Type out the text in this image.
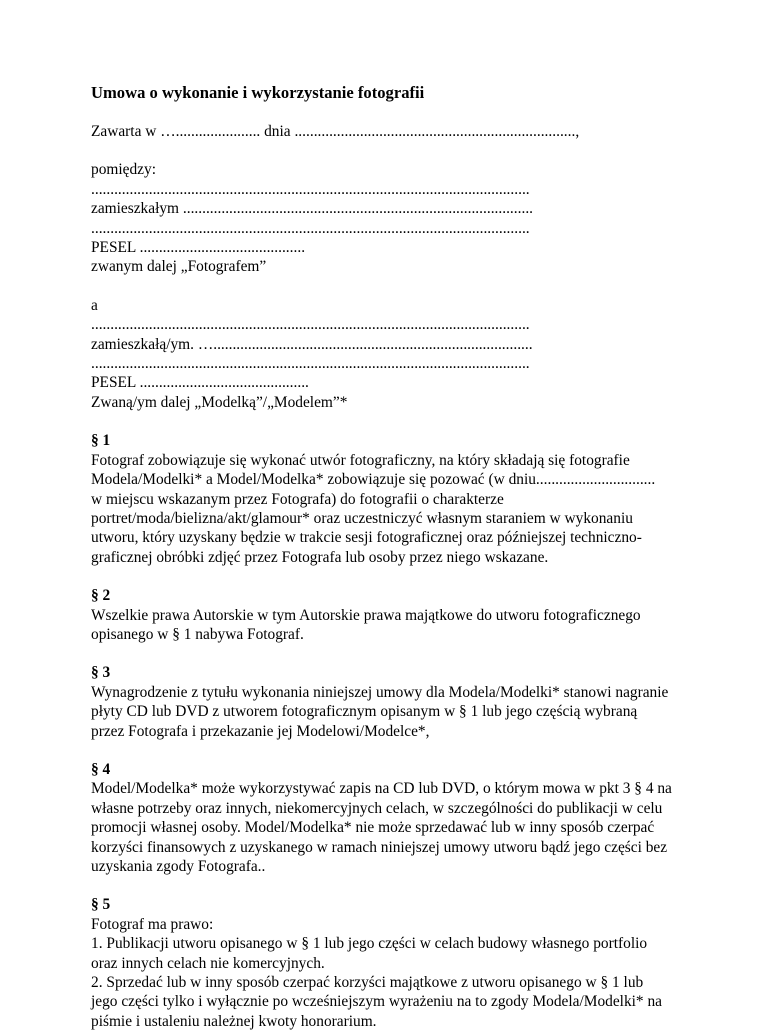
Umowa o wykonanie i wykorzystanie fotografii
Zawarta w …...................... dnia .........................................................................,
pomiędzy:
..................................................................................................................
zamieszkałym ...........................................................................................
..................................................................................................................
PESEL ...........................................
zwanym dalej „Fotografem”
a
..................................................................................................................
zamieszkałą/ym. …...................................................................................
..................................................................................................................
PESEL ............................................
Zwaną/ym dalej „Modelką”/„Modelem”*
§ 1
Fotograf zobowiązuje się wykonać utwór fotograficzny, na który składają się fotografie
Modela/Modelki* a Model/Modelka* zobowiązuje się pozować (w dniu...............................
w miejscu wskazanym przez Fotografa) do fotografii o charakterze
portret/moda/bielizna/akt/glamour* oraz uczestniczyć własnym staraniem w wykonaniu
utworu, który uzyskany będzie w trakcie sesji fotograficznej oraz późniejszej techniczno-
graficznej obróbki zdjęć przez Fotografa lub osoby przez niego wskazane.
§ 2
Wszelkie prawa Autorskie w tym Autorskie prawa majątkowe do utworu fotograficznego
opisanego w § 1 nabywa Fotograf.
§ 3
Wynagrodzenie z tytułu wykonania niniejszej umowy dla Modela/Modelki* stanowi nagranie
płyty CD lub DVD z utworem fotograficznym opisanym w § 1 lub jego częścią wybraną
przez Fotografa i przekazanie jej Modelowi/Modelce*,
§ 4
Model/Modelka* może wykorzystywać zapis na CD lub DVD, o którym mowa w pkt 3 § 4 na
własne potrzeby oraz innych, niekomercyjnych celach, w szczególności do publikacji w celu
promocji własnej osoby. Model/Modelka* nie może sprzedawać lub w inny sposób czerpać
korzyści finansowych z uzyskanego w ramach niniejszej umowy utworu bądź jego części bez
uzyskania zgody Fotografa..
§ 5
Fotograf ma prawo:
1. Publikacji utworu opisanego w § 1 lub jego części w celach budowy własnego portfolio
oraz innych celach nie komercyjnych.
2. Sprzedać lub w inny sposób czerpać korzyści majątkowe z utworu opisanego w § 1 lub
jego części tylko i wyłącznie po wcześniejszym wyrażeniu na to zgody Modela/Modelki* na
piśmie i ustaleniu należnej kwoty honorarium.
